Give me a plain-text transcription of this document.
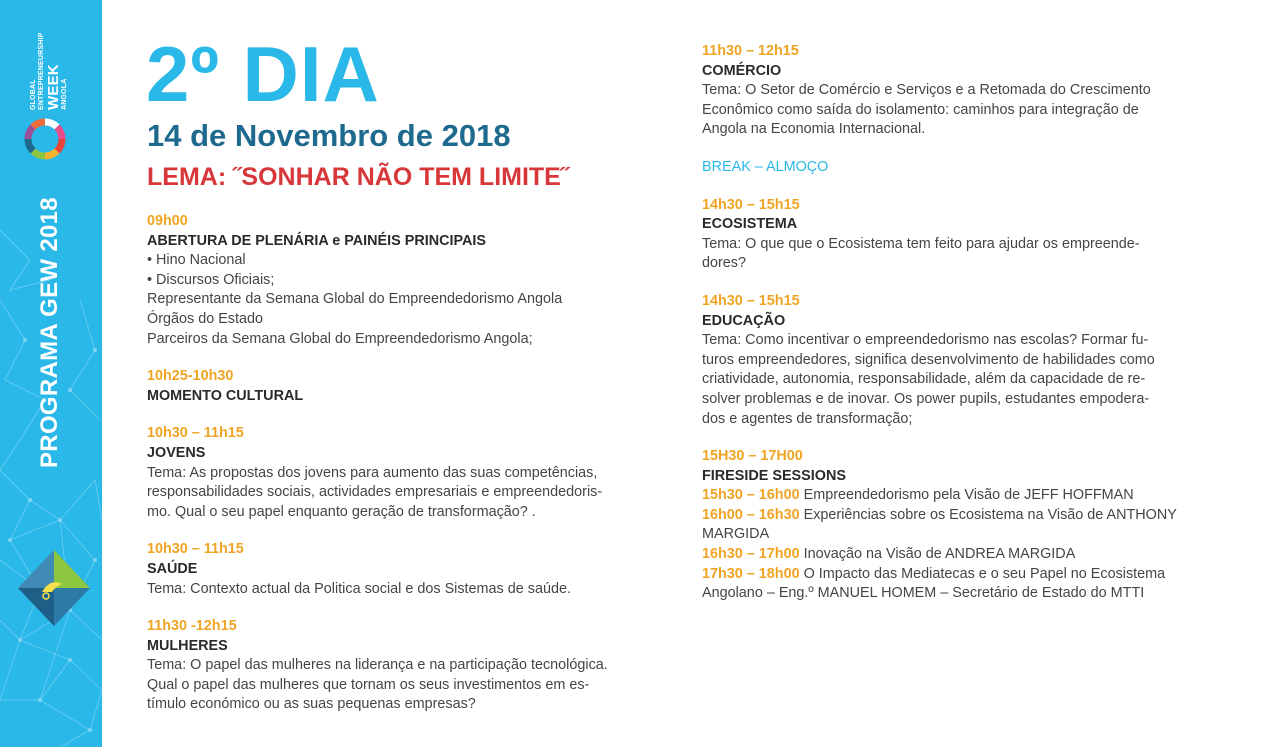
GLOBAL
ENTREPRENEURSHIP WEEK ANGOLA
PROGRAMA GEW 2018
2º DIA
14 de Novembro de 2018
LEMA: ˝SONHAR NÃO TEM LIMITE˝
09h00
ABERTURA DE PLENÁRIA e PAINÉIS PRINCIPAIS
• Hino Nacional
• Discursos Oficiais;
Representante da Semana Global do Empreendedorismo Angola
Órgãos do Estado
Parceiros da Semana Global do Empreendedorismo Angola;
10h25-10h30
MOMENTO CULTURAL
10h30 – 11h15
JOVENS
Tema: As propostas dos jovens para aumento das suas competências,
responsabilidades sociais, actividades empresariais e empreendedoris-
mo. Qual o seu papel enquanto geração de transformação? .
10h30 – 11h15
SAÚDE
Tema: Contexto actual da Politica social e dos Sistemas de saúde.
11h30 -12h15
MULHERES
Tema: O papel das mulheres na liderança e na participação tecnológica.
Qual o papel das mulheres que tornam os seus investimentos em es-
tímulo económico ou as suas pequenas empresas?
11h30 – 12h15
COMÉRCIO
Tema: O Setor de Comércio e Serviços e a Retomada do Crescimento
Econômico como saída do isolamento: caminhos para integração de
Angola na Economia Internacional.
BREAK – ALMOÇO
14h30 – 15h15
ECOSISTEMA
Tema: O que que o Ecosistema tem feito para ajudar os empreende-
dores?
14h30 – 15h15
EDUCAÇÃO
Tema: Como incentivar o empreendedorismo nas escolas? Formar fu-
turos empreendedores, significa desenvolvimento de habilidades como
criatividade, autonomia, responsabilidade, além da capacidade de re-
solver problemas e de inovar. Os power pupils, estudantes empodera-
dos e agentes de transformação;
15H30 – 17H00
FIRESIDE SESSIONS
15h30 – 16h00 Empreendedorismo pela Visão de JEFF HOFFMAN
16h00 – 16h30 Experiências sobre os Ecosistema na Visão de ANTHONY
MARGIDA
16h30 – 17h00 Inovação na Visão de ANDREA MARGIDA
17h30 – 18h00 O Impacto das Mediatecas e o seu Papel no Ecosistema
Angolano – Eng.º MANUEL HOMEM – Secretário de Estado do MTTI
